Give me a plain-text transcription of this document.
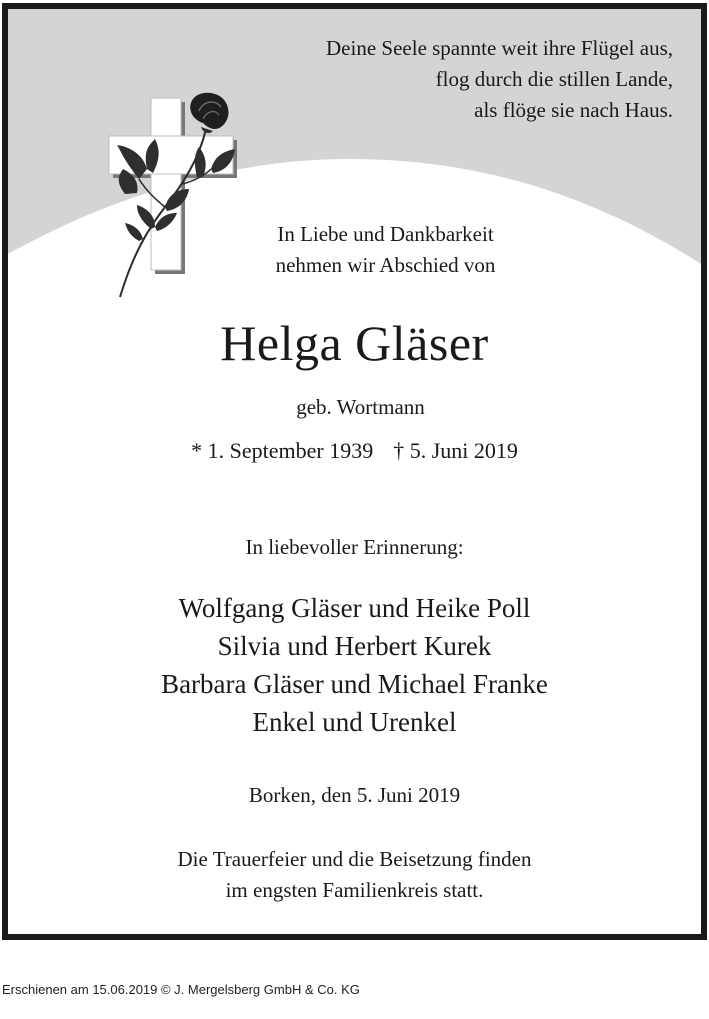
Deine Seele spannte weit ihre Flügel aus,
flog durch die stillen Lande,
als flöge sie nach Haus.
In Liebe und Dankbarkeit
nehmen wir Abschied von
Helga Gläser
geb. Wortmann
* 1. September 1939 † 5. Juni 2019
In liebevoller Erinnerung:
Wolfgang Gläser und Heike Poll
Silvia und Herbert Kurek
Barbara Gläser und Michael Franke
Enkel und Urenkel
Borken, den 5. Juni 2019
Die Trauerfeier und die Beisetzung finden
im engsten Familienkreis statt.
Erschienen am 15.06.2019 © J. Mergelsberg GmbH & Co. KG
